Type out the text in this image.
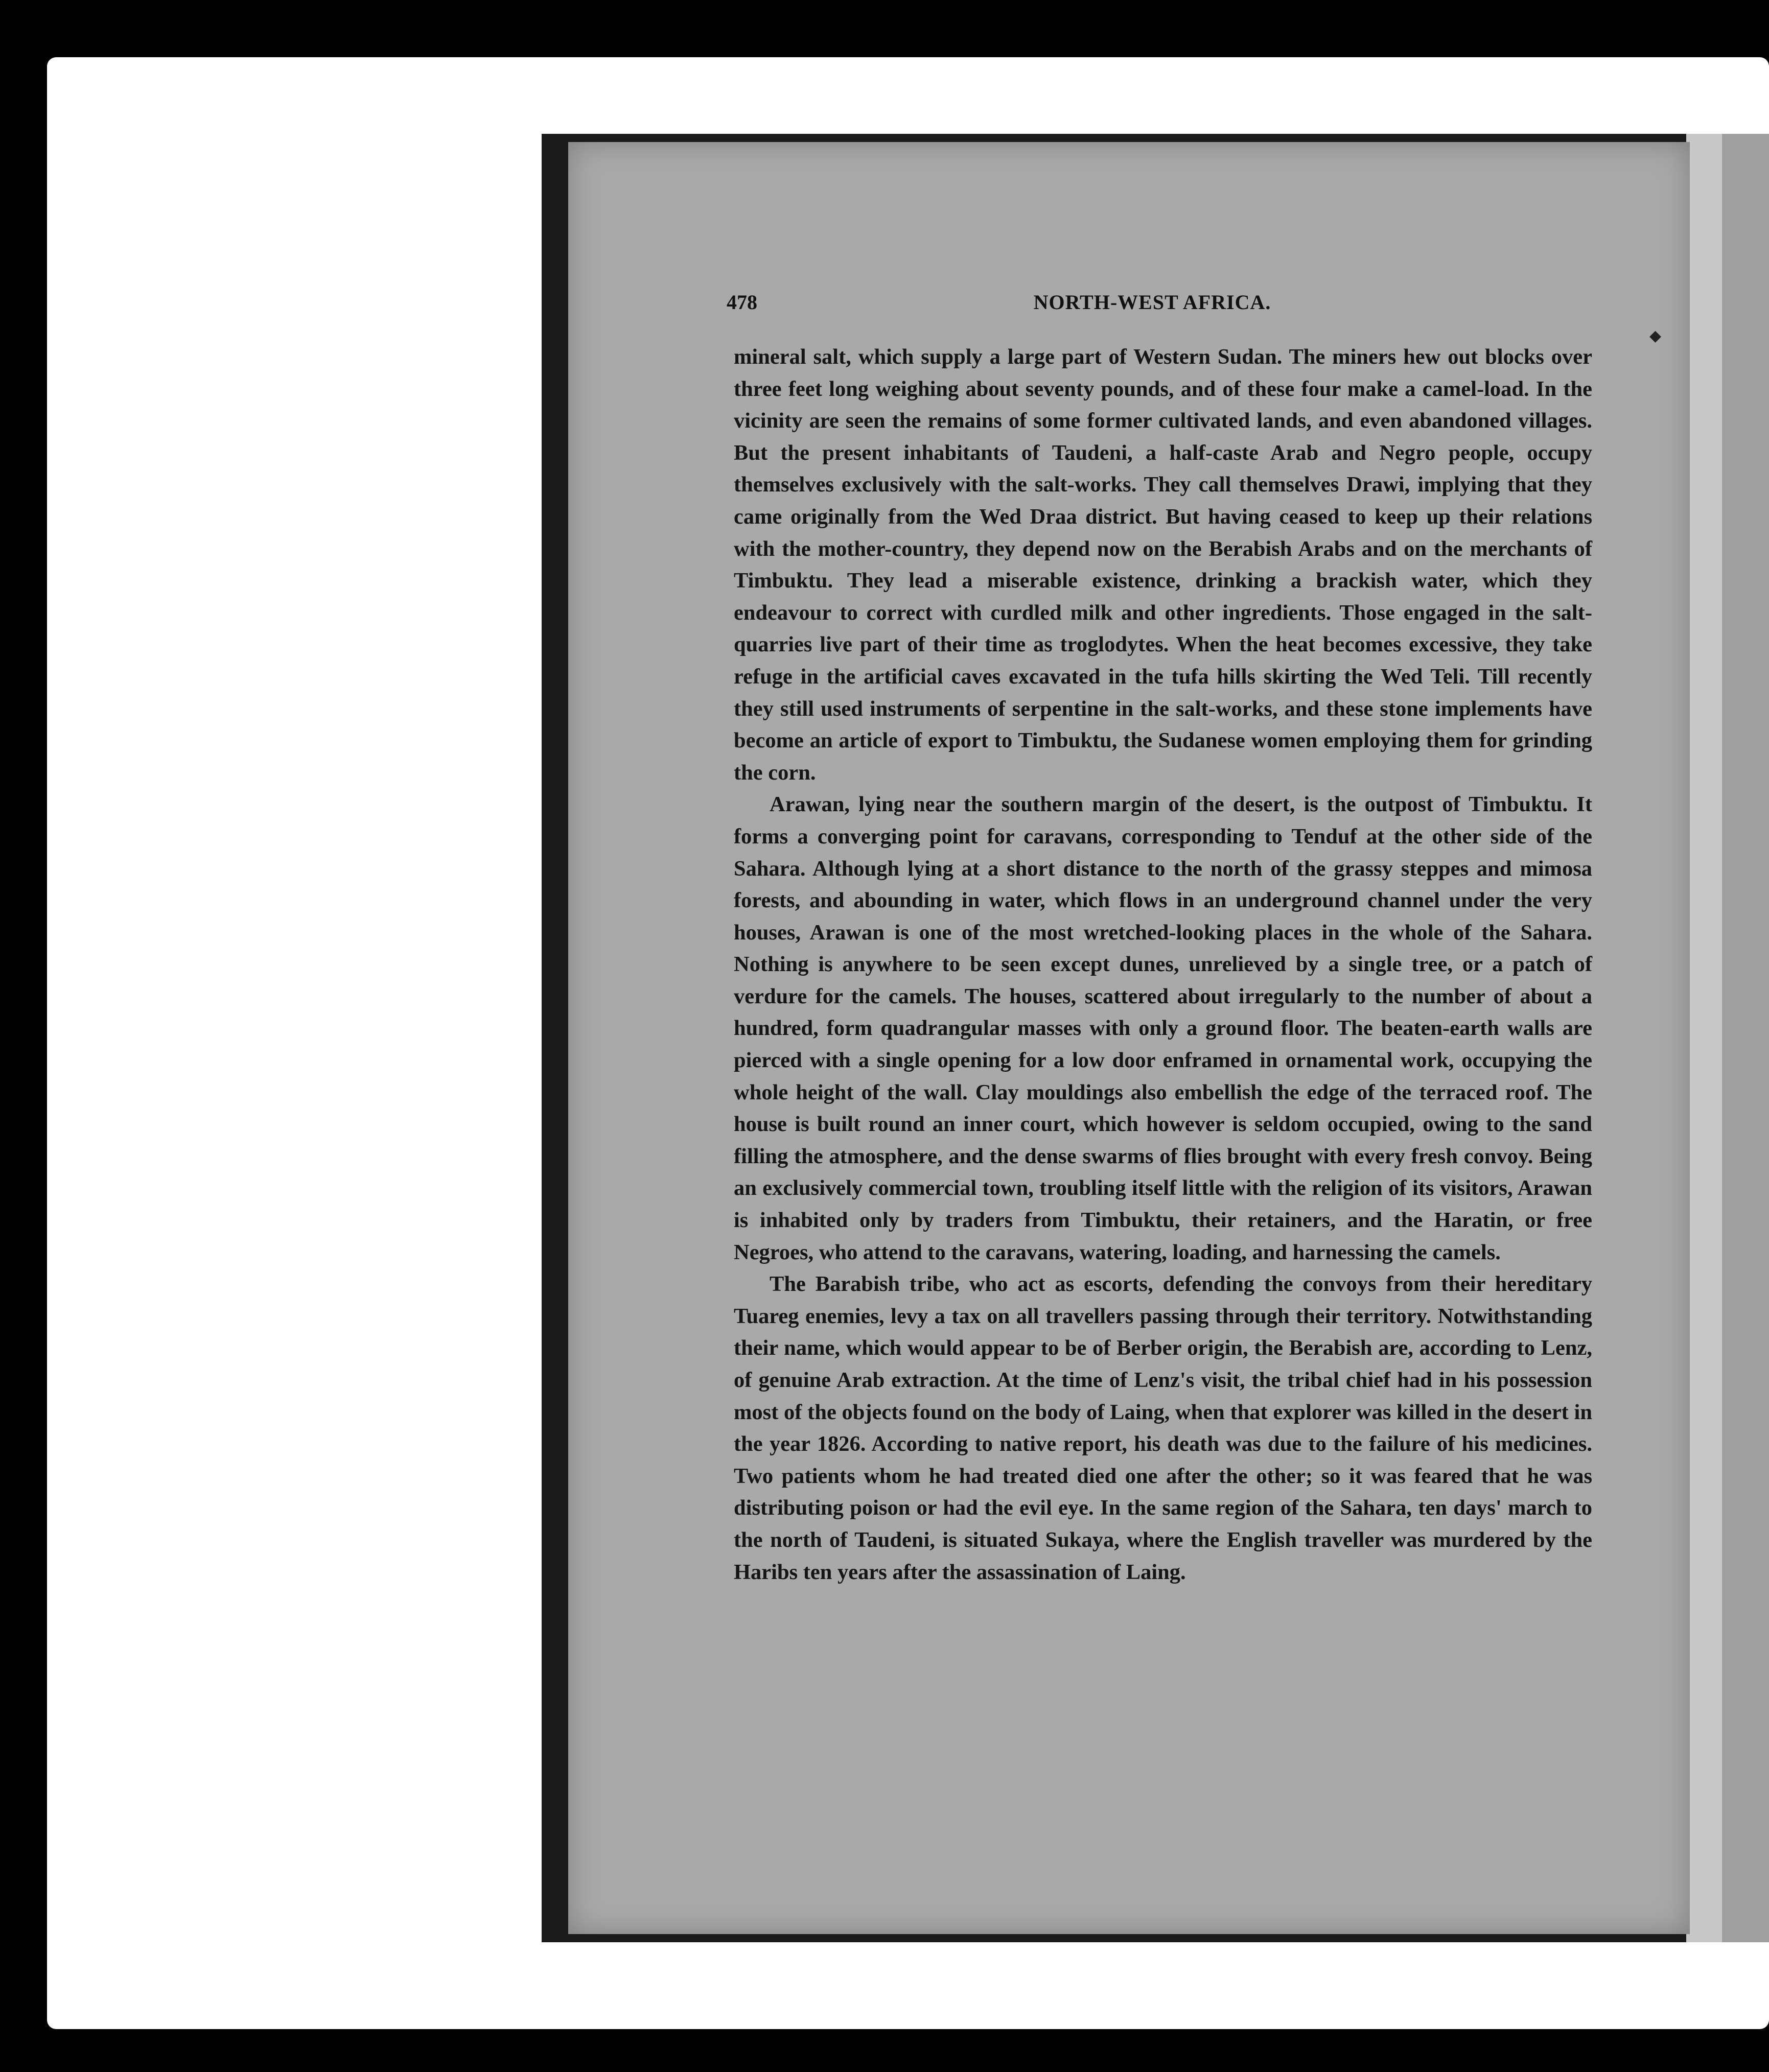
478	NORTH-WEST AFRICA.

mineral salt, which supply a large part of Western Sudan. The miners hew out blocks over three feet long weighing about seventy pounds, and of these four make a camel-load. In the vicinity are seen the remains of some former cultivated lands, and even abandoned villages. But the present inhabitants of Taudeni, a half-caste Arab and Negro people, occupy themselves exclusively with the salt-works. They call themselves Drawi, implying that they came originally from the Wed Draa district. But having ceased to keep up their relations with the mother-country, they depend now on the Berabish Arabs and on the merchants of Timbuktu. They lead a miserable existence, drinking a brackish water, which they endeavour to correct with curdled milk and other ingredients. Those engaged in the salt-quarries live part of their time as troglodytes. When the heat becomes excessive, they take refuge in the artificial caves excavated in the tufa hills skirting the Wed Teli. Till recently they still used instruments of serpentine in the salt-works, and these stone implements have become an article of export to Timbuktu, the Sudanese women employing them for grinding the corn.

Arawan, lying near the southern margin of the desert, is the outpost of Timbuktu. It forms a converging point for caravans, corresponding to Tenduf at the other side of the Sahara. Although lying at a short distance to the north of the grassy steppes and mimosa forests, and abounding in water, which flows in an underground channel under the very houses, Arawan is one of the most wretched-looking places in the whole of the Sahara. Nothing is anywhere to be seen except dunes, unrelieved by a single tree, or a patch of verdure for the camels. The houses, scattered about irregularly to the number of about a hundred, form quadrangular masses with only a ground floor. The beaten-earth walls are pierced with a single opening for a low door enframed in ornamental work, occupying the whole height of the wall. Clay mouldings also embellish the edge of the terraced roof. The house is built round an inner court, which however is seldom occupied, owing to the sand filling the atmosphere, and the dense swarms of flies brought with every fresh convoy. Being an exclusively commercial town, troubling itself little with the religion of its visitors, Arawan is inhabited only by traders from Timbuktu, their retainers, and the Haratin, or free Negroes, who attend to the caravans, watering, loading, and harnessing the camels.

The Barabish tribe, who act as escorts, defending the convoys from their hereditary Tuareg enemies, levy a tax on all travellers passing through their territory. Notwithstanding their name, which would appear to be of Berber origin, the Berabish are, according to Lenz, of genuine Arab extraction. At the time of Lenz's visit, the tribal chief had in his possession most of the objects found on the body of Laing, when that explorer was killed in the desert in the year 1826. According to native report, his death was due to the failure of his medicines. Two patients whom he had treated died one after the other; so it was feared that he was distributing poison or had the evil eye. In the same region of the Sahara, ten days' march to the north of Taudeni, is situated Sukaya, where the English traveller was murdered by the Haribs ten years after the assassination of Laing.

◆
